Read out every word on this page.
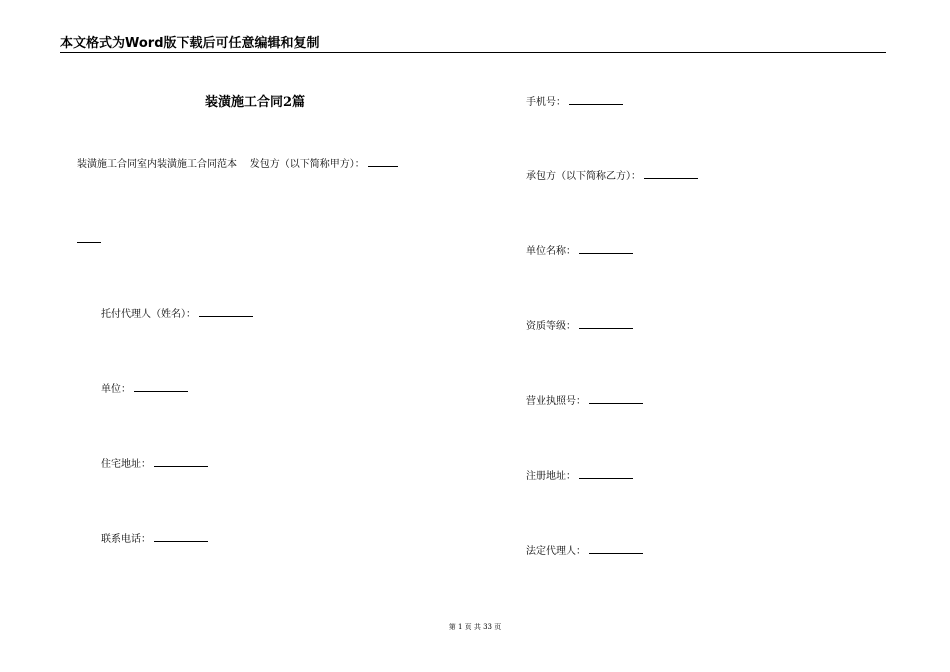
本文格式为Word版下载后可任意编辑和复制
装潢施工合同2篇
装潢施工合同室内装潢施工合同范本    发包方（以下简称甲方）：
托付代理人（姓名）：
单位：
住宅地址：
联系电话：
手机号：
承包方（以下简称乙方）：
单位名称：
资质等级：
营业执照号：
注册地址：
法定代理人：
第 1 页 共 33 页
